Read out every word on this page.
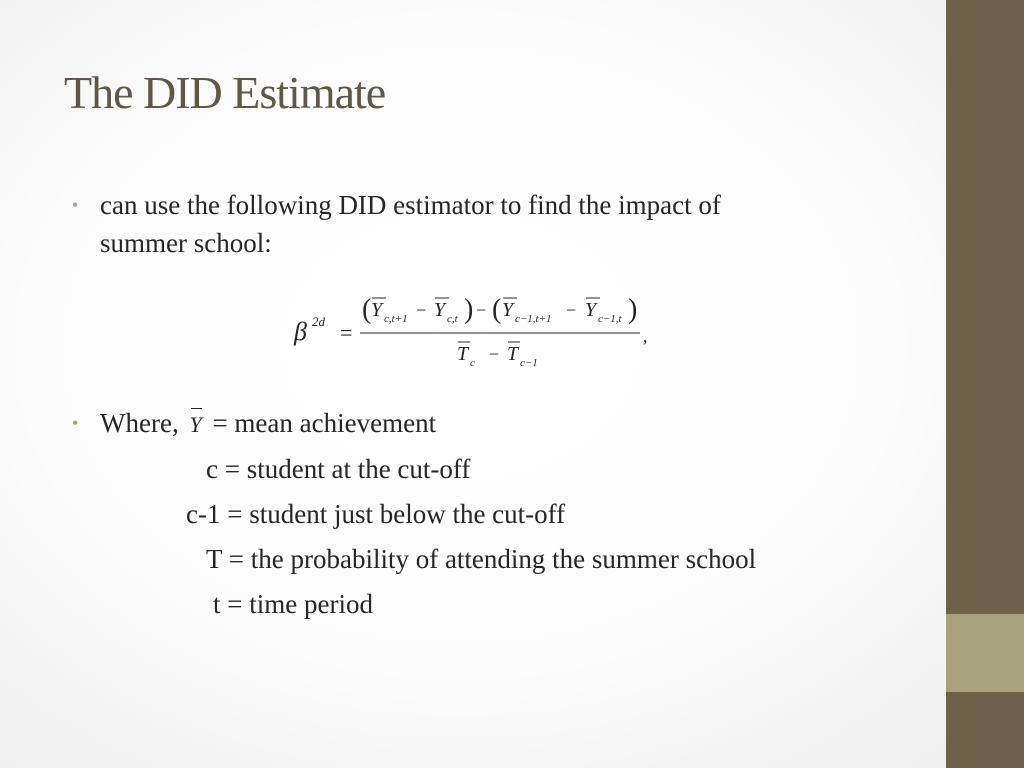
The DID Estimate
• can use the following DID estimator to find the impact of
summer school:
β 2d =
( Y c,t+1 − Y c,t ) − ( Y c−1,t+1 − Y c−1,t )
,
T c − T c−1
• Where, Y = mean achievement
c = student at the cut-off
c-1 = student just below the cut-off
T = the probability of attending the summer school
t = time period
